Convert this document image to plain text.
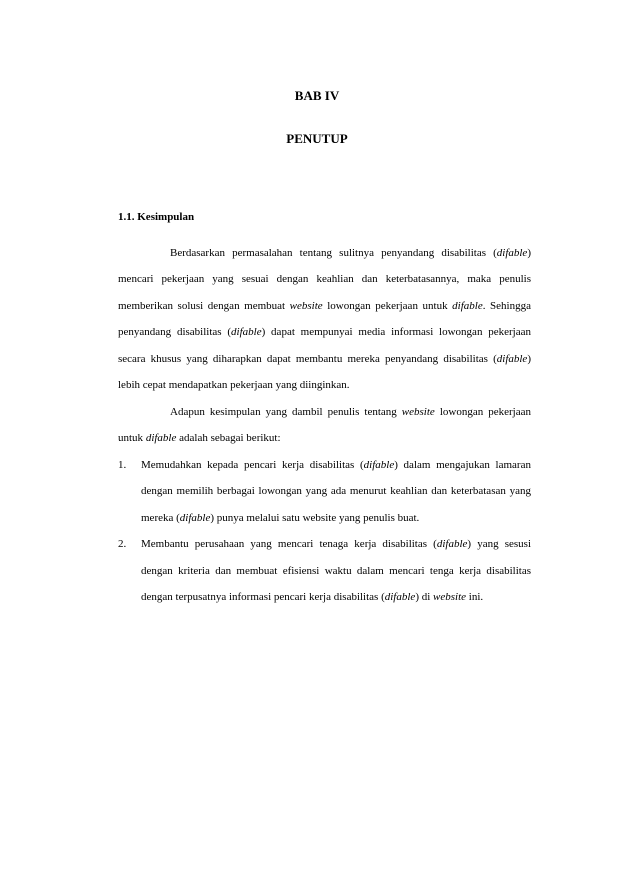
BAB IV
PENUTUP

1.1. Kesimpulan

Berdasarkan permasalahan tentang sulitnya penyandang disabilitas (difable) mencari pekerjaan yang sesuai dengan keahlian dan keterbatasannya, maka penulis memberikan solusi dengan membuat website lowongan pekerjaan untuk difable. Sehingga penyandang disabilitas (difable) dapat mempunyai media informasi lowongan pekerjaan secara khusus yang diharapkan dapat membantu mereka penyandang disabilitas (difable) lebih cepat mendapatkan pekerjaan yang diinginkan.

Adapun kesimpulan yang dambil penulis tentang website lowongan pekerjaan untuk difable adalah sebagai berikut:

1. Memudahkan kepada pencari kerja disabilitas (difable) dalam mengajukan lamaran dengan memilih berbagai lowongan yang ada menurut keahlian dan keterbatasan yang mereka (difable) punya melalui satu website yang penulis buat.
2. Membantu perusahaan yang mencari tenaga kerja disabilitas (difable) yang sesusi dengan kriteria dan membuat efisiensi waktu dalam mencari tenga kerja disabilitas dengan terpusatnya informasi pencari kerja disabilitas (difable) di website ini.
